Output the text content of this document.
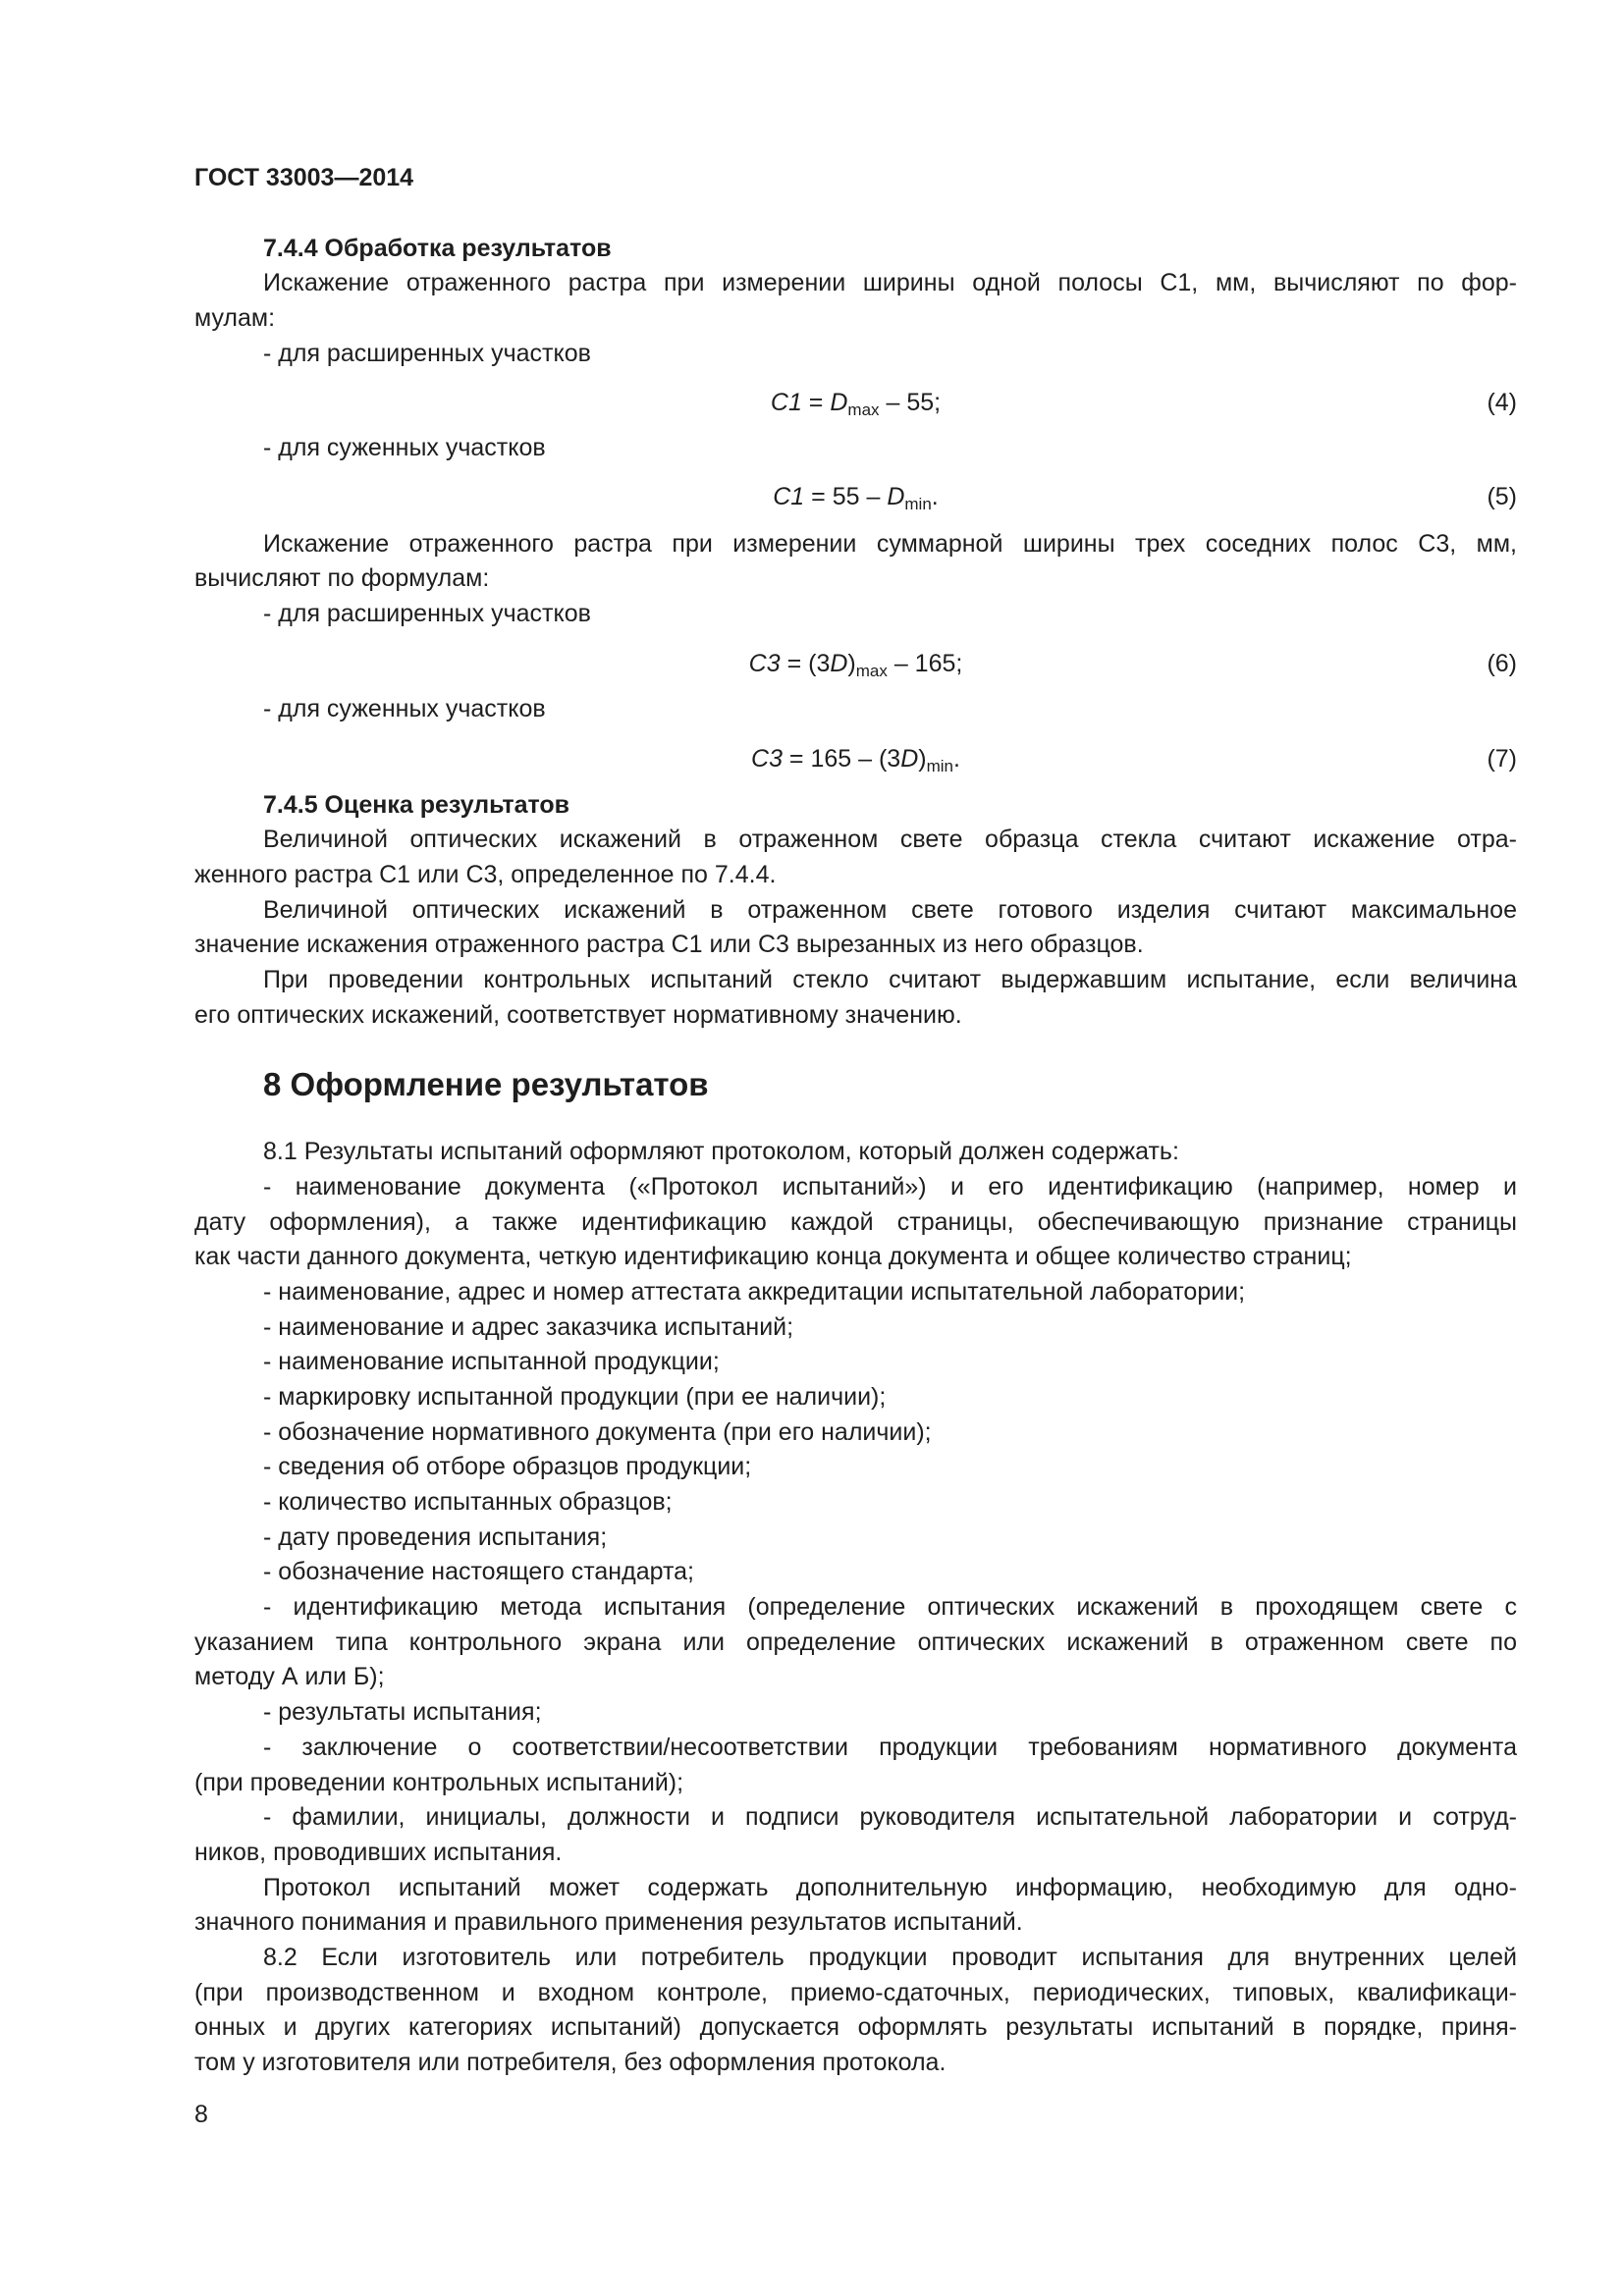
ГОСТ 33003—2014
7.4.4 Обработка результатов
Искажение отраженного растра при измерении ширины одной полосы С1, мм, вычисляют по фор-
мулам:
- для расширенных участков
$С1 = D_{max} - 55$;	(4)
- для суженных участков
$С1 = 55 - D_{min}$.	(5)
Искажение отраженного растра при измерении суммарной ширины трех соседних полос С3, мм,
вычисляют по формулам:
- для расширенных участков
$С3 = (3D)_{max} - 165$;	(6)
- для суженных участков
$С3 = 165 - (3D)_{min}$.	(7)
7.4.5 Оценка результатов
Величиной оптических искажений в отраженном свете образца стекла считают искажение отра-
женного растра С1 или С3, определенное по 7.4.4.
Величиной оптических искажений в отраженном свете готового изделия считают максимальное
значение искажения отраженного растра С1 или С3 вырезанных из него образцов.
При проведении контрольных испытаний стекло считают выдержавшим испытание, если величина
его оптических искажений, соответствует нормативному значению.
8 Оформление результатов
8.1 Результаты испытаний оформляют протоколом, который должен содержать:
- наименование документа («Протокол испытаний») и его идентификацию (например, номер и
дату оформления), а также идентификацию каждой страницы, обеспечивающую признание страницы
как части данного документа, четкую идентификацию конца документа и общее количество страниц;
- наименование, адрес и номер аттестата аккредитации испытательной лаборатории;
- наименование и адрес заказчика испытаний;
- наименование испытанной продукции;
- маркировку испытанной продукции (при ее наличии);
- обозначение нормативного документа (при его наличии);
- сведения об отборе образцов продукции;
- количество испытанных образцов;
- дату проведения испытания;
- обозначение настоящего стандарта;
- идентификацию метода испытания (определение оптических искажений в проходящем свете с
указанием типа контрольного экрана или определение оптических искажений в отраженном свете по
методу А или Б);
- результаты испытания;
- заключение о соответствии/несоответствии продукции требованиям нормативного документа
(при проведении контрольных испытаний);
- фамилии, инициалы, должности и подписи руководителя испытательной лаборатории и сотруд-
ников, проводивших испытания.
Протокол испытаний может содержать дополнительную информацию, необходимую для одно-
значного понимания и правильного применения результатов испытаний.
8.2 Если изготовитель или потребитель продукции проводит испытания для внутренних целей
(при производственном и входном контроле, приемо-сдаточных, периодических, типовых, квалификаци-
онных и других категориях испытаний) допускается оформлять результаты испытаний в порядке, приня-
том у изготовителя или потребителя, без оформления протокола.
8
